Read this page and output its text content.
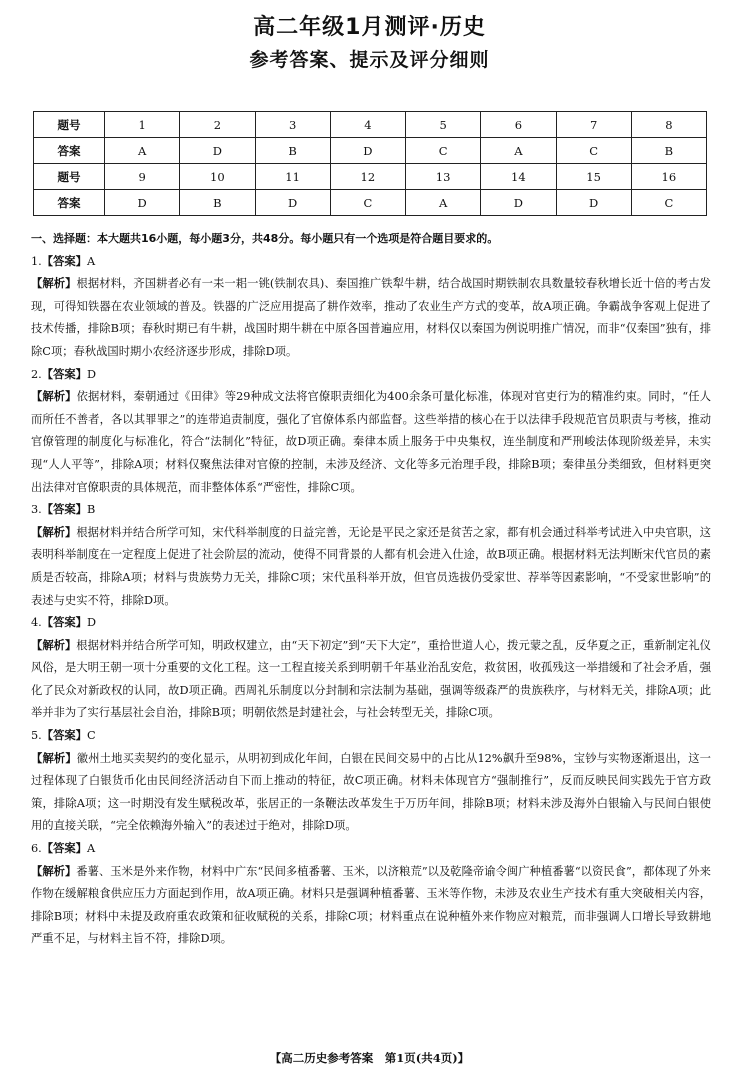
高二年级1月测评·历史
参考答案、提示及评分细则
题号	1	2	3	4	5	6	7	8
答案	A	D	B	D	C	A	C	B
题号	9	10	11	12	13	14	15	16
答案	D	B	D	C	A	D	D	C

一、选择题：本大题共16小题，每小题3分，共48分。每小题只有一个选项是符合题目要求的。

1.【答案】A

【解析】根据材料，齐国耕者必有一耒一耜一铫(铁制农具)、秦国推广铁犁牛耕，结合战国时期铁制农具数量较春秋增长近十倍的考古发现，可得知铁器在农业领域的普及。铁器的广泛应用提高了耕作效率，推动了农业生产方式的变革，故A项正确。争霸战争客观上促进了技术传播，排除B项；春秋时期已有牛耕，战国时期牛耕在中原各国普遍应用，材料仅以秦国为例说明推广情况，而非“仅秦国”独有，排除C项；春秋战国时期小农经济逐步形成，排除D项。

2.【答案】D

【解析】依据材料，秦朝通过《田律》等29种成文法将官僚职责细化为400余条可量化标准，体现对官吏行为的精准约束。同时，“任人而所任不善者，各以其罪罪之”的连带追责制度，强化了官僚体系内部监督。这些举措的核心在于以法律手段规范官员职责与考核，推动官僚管理的制度化与标准化，符合“法制化”特征，故D项正确。秦律本质上服务于中央集权，连坐制度和严刑峻法体现阶级差异，未实现“人人平等”，排除A项；材料仅聚焦法律对官僚的控制，未涉及经济、文化等多元治理手段，排除B项；秦律虽分类细致，但材料更突出法律对官僚职责的具体规范，而非整体体系“严密性，排除C项。

3.【答案】B

【解析】根据材料并结合所学可知，宋代科举制度的日益完善，无论是平民之家还是贫苦之家，都有机会通过科举考试进入中央官职，这表明科举制度在一定程度上促进了社会阶层的流动，使得不同背景的人都有机会进入仕途，故B项正确。根据材料无法判断宋代官员的素质是否较高，排除A项；材料与贵族势力无关，排除C项；宋代虽科举开放，但官员选拔仍受家世、荐举等因素影响，“不受家世影响”的表述与史实不符，排除D项。

4.【答案】D

【解析】根据材料并结合所学可知，明政权建立，由“天下初定”到“天下大定”，重拾世道人心，拨元蒙之乱，反华夏之正，重新制定礼仪风俗，是大明王朝一项十分重要的文化工程。这一工程直接关系到明朝千年基业治乱安危，救贫困，收孤残这一举措缓和了社会矛盾，强化了民众对新政权的认同，故D项正确。西周礼乐制度以分封制和宗法制为基础，强调等级森严的贵族秩序，与材料无关，排除A项；此举并非为了实行基层社会自治，排除B项；明朝依然是封建社会，与社会转型无关，排除C项。

5.【答案】C

【解析】徽州土地买卖契约的变化显示，从明初到成化年间，白银在民间交易中的占比从12%飙升至98%，宝钞与实物逐渐退出，这一过程体现了白银货币化由民间经济活动自下而上推动的特征，故C项正确。材料未体现官方“强制推行”，反而反映民间实践先于官方政策，排除A项；这一时期没有发生赋税改革，张居正的一条鞭法改革发生于万历年间，排除B项；材料未涉及海外白银输入与民间白银使用的直接关联，“完全依赖海外输入”的表述过于绝对，排除D项。

6.【答案】A

【解析】番薯、玉米是外来作物，材料中广东“民间多植番薯、玉米，以济粮荒”以及乾隆帝谕令闽广种植番薯“以资民食”，都体现了外来作物在缓解粮食供应压力方面起到作用，故A项正确。材料只是强调种植番薯、玉米等作物，未涉及农业生产技术有重大突破相关内容，排除B项；材料中未提及政府重农政策和征收赋税的关系，排除C项；材料重点在说种植外来作物应对粮荒，而非强调人口增长导致耕地严重不足，与材料主旨不符，排除D项。

【高二历史参考答案　第1页(共4页)】
